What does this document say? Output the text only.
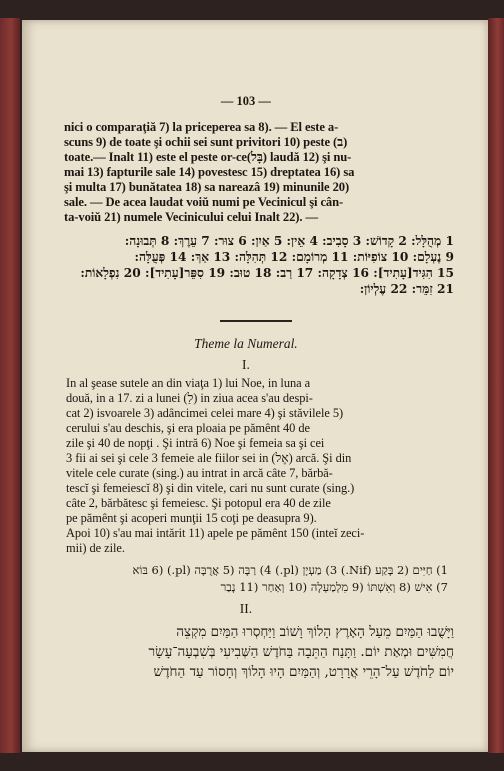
— 103 —
nici o comparaţiă 7) la priceperea sa 8). — El este a-
scuns 9) de toate şi ochii sei sunt privitori 10) peste (ב)
toate.— Inalt 11) este el peste or-ce(בָּל) laudă 12) şi nu-
mai 13) fapturile sale 14) povestesc 15) dreptatea 16) sa
şi multa 17) bunătatea 18) sa nareazâ 19) minunile 20)
sale. — De acea laudat voiŭ numi pe Vecinicul şi cân-
ta-voiŭ 21) numele Vecinicului celui Inalt 22). —
1 מְהֻלָּל: 2 קָדוֹשׁ: 3 סָבִיב: 4 אֵין: 5 אַיִן: 6 צוּר: 7 עֵרֶךְ: 8 תְּבוּנָה:
9 נֶעְלָם: 10 צוֹפִיּוֹת: 11 מְרוֹמָם: 12 תְּהִלָּה: 13 אַךְ: 14 פְּעֻלָּה:
15 הִגִּיד[עָתִיד]: 16 צְדָקָה: 17 רַב: 18 טוּב: 19 סִפֵּר[עָתִיד]: 20 נִפְלָאוֹת:
21 זִמֵּר: 22 עֶלְיוֹן:
Theme la Numeral.
I.
In al şease sutele an din viaţa 1) lui Noe, in luna a
două, in a 17. zi a lunei (לַ) in ziua acea s'au despi-
cat 2) isvoarele 3) adâncimei celei mare 4) şi stăvilele 5)
cerului s'au deschis, şi era ploaia pe pămênt 40 de
zile şi 40 de nopţi . Şi intră 6) Noe şi femeia sa şi cei
3 fii ai sei şi cele 3 femeie ale fiilor sei in (אֶל) arcă. Şi din
vitele cele curate (sing.) au intrat in arcă câte 7, bărbă-
tescĭ şi femeiescĭ 8) şi din vitele, cari nu sunt curate (sing.)
câte 2, bărbătesc şi femeiesc. Şi potopul era 40 de zile
pe pămênt şi acoperi munţii 15 coţi pe deasupra 9).
Apoi 10) s'au mai intărit 11) apele pe pămênt 150 (inteĭ zeci-
mii) de zile.
1) חַיִּים (2 בָּקַע (Nif.) 3) מַעְיָן (pl.) 4) רַבָּה (5 אֲרֻבָּה (pl.) (6 בּוֹא
7) אִישׁ (8 וְאִשְׁתּוֹ (9 מִלְמַעְלָה (10 וְאַחַר (11 נָבַר
II.
וַיָּשֻׁבוּ הַמַּיִם מֵעַל הָאָרֶץ הָלוֹךְ וָשׁוֹב וַיַּחְסְרוּ הַמַּיִם מִקְצֵה
חֲמִשִּׁים וּמְאַת יוֹם. וַתָּנַח הַתֵּבָה בַּחֹדֶשׁ הַשְּׁבִיעִי בְּשִׁבְעָה־עָשָׂר
יוֹם לַחֹדֶשׁ עַל־הָרֵי אֲרָרָט, וְהַמַּיִם הָיוּ הָלוֹךְ וְחָסוֹר עַד הַחֹדֶשׁ
